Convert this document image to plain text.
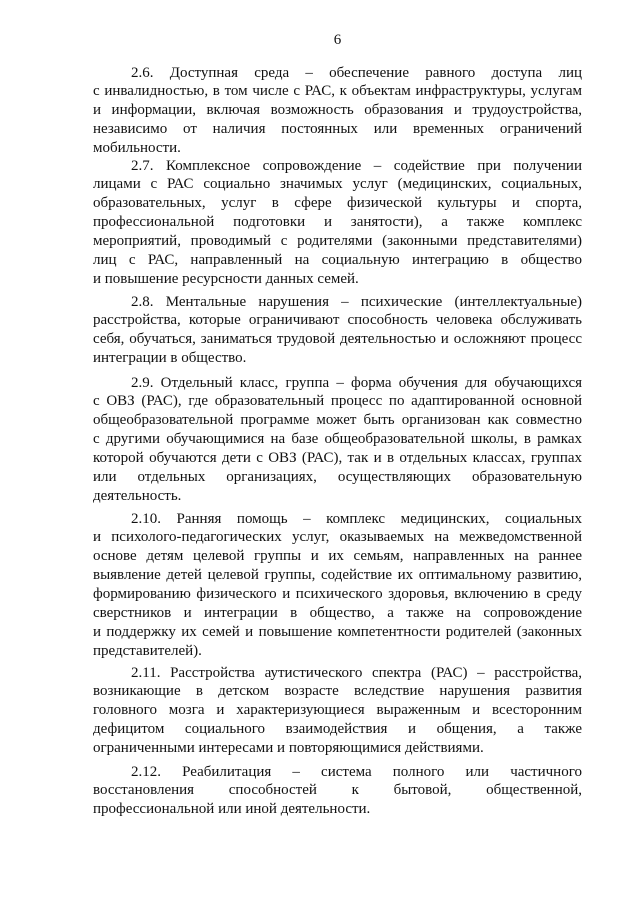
6
2.6. Доступная среда – обеспечение равного доступа лиц
с инвалидностью, в том числе с РАС, к объектам инфраструктуры, услугам
и информации, включая возможность образования и трудоустройства,
независимо от наличия постоянных или временных ограничений
мобильности.
2.7. Комплексное сопровождение – содействие при получении
лицами с РАС социально значимых услуг (медицинских, социальных,
образовательных, услуг в сфере физической культуры и спорта,
профессиональной подготовки и занятости), а также комплекс
мероприятий, проводимый с родителями (законными представителями)
лиц с РАС, направленный на социальную интеграцию в общество
и повышение ресурсности данных семей.
2.8. Ментальные нарушения – психические (интеллектуальные)
расстройства, которые ограничивают способность человека обслуживать
себя, обучаться, заниматься трудовой деятельностью и осложняют процесс
интеграции в общество.
2.9. Отдельный класс, группа – форма обучения для обучающихся
с ОВЗ (РАС), где образовательный процесс по адаптированной основной
общеобразовательной программе может быть организован как совместно
с другими обучающимися на базе общеобразовательной школы, в рамках
которой обучаются дети с ОВЗ (РАС), так и в отдельных классах, группах
или отдельных организациях, осуществляющих образовательную
деятельность.
2.10. Ранняя помощь – комплекс медицинских, социальных
и психолого-педагогических услуг, оказываемых на межведомственной
основе детям целевой группы и их семьям, направленных на раннее
выявление детей целевой группы, содействие их оптимальному развитию,
формированию физического и психического здоровья, включению в среду
сверстников и интеграции в общество, а также на сопровождение
и поддержку их семей и повышение компетентности родителей (законных
представителей).
2.11. Расстройства аутистического спектра (РАС) – расстройства,
возникающие в детском возрасте вследствие нарушения развития
головного мозга и характеризующиеся выраженным и всесторонним
дефицитом социального взаимодействия и общения, а также
ограниченными интересами и повторяющимися действиями.
2.12. Реабилитация – система полного или частичного
восстановления способностей к бытовой, общественной,
профессиональной или иной деятельности.
